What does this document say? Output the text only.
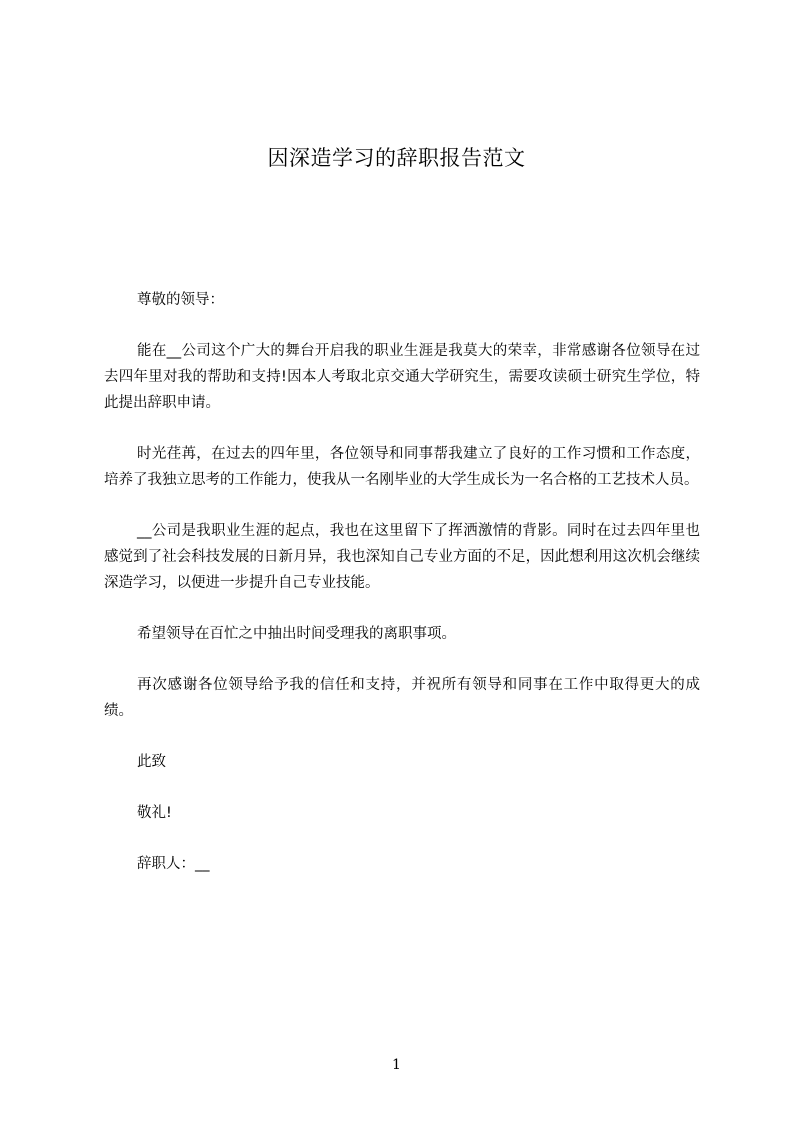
因深造学习的辞职报告范文

尊敬的领导：

能在__公司这个广大的舞台开启我的职业生涯是我莫大的荣幸，非常感谢各位领导在过去四年里对我的帮助和支持!因本人考取北京交通大学研究生，需要攻读硕士研究生学位，特此提出辞职申请。

时光荏苒，在过去的四年里，各位领导和同事帮我建立了良好的工作习惯和工作态度，培养了我独立思考的工作能力，使我从一名刚毕业的大学生成长为一名合格的工艺技术人员。

__公司是我职业生涯的起点，我也在这里留下了挥洒激情的背影。同时在过去四年里也感觉到了社会科技发展的日新月异，我也深知自己专业方面的不足，因此想利用这次机会继续深造学习，以便进一步提升自己专业技能。

希望领导在百忙之中抽出时间受理我的离职事项。

再次感谢各位领导给予我的信任和支持，并祝所有领导和同事在工作中取得更大的成绩。

此致

敬礼!

辞职人：__

1
